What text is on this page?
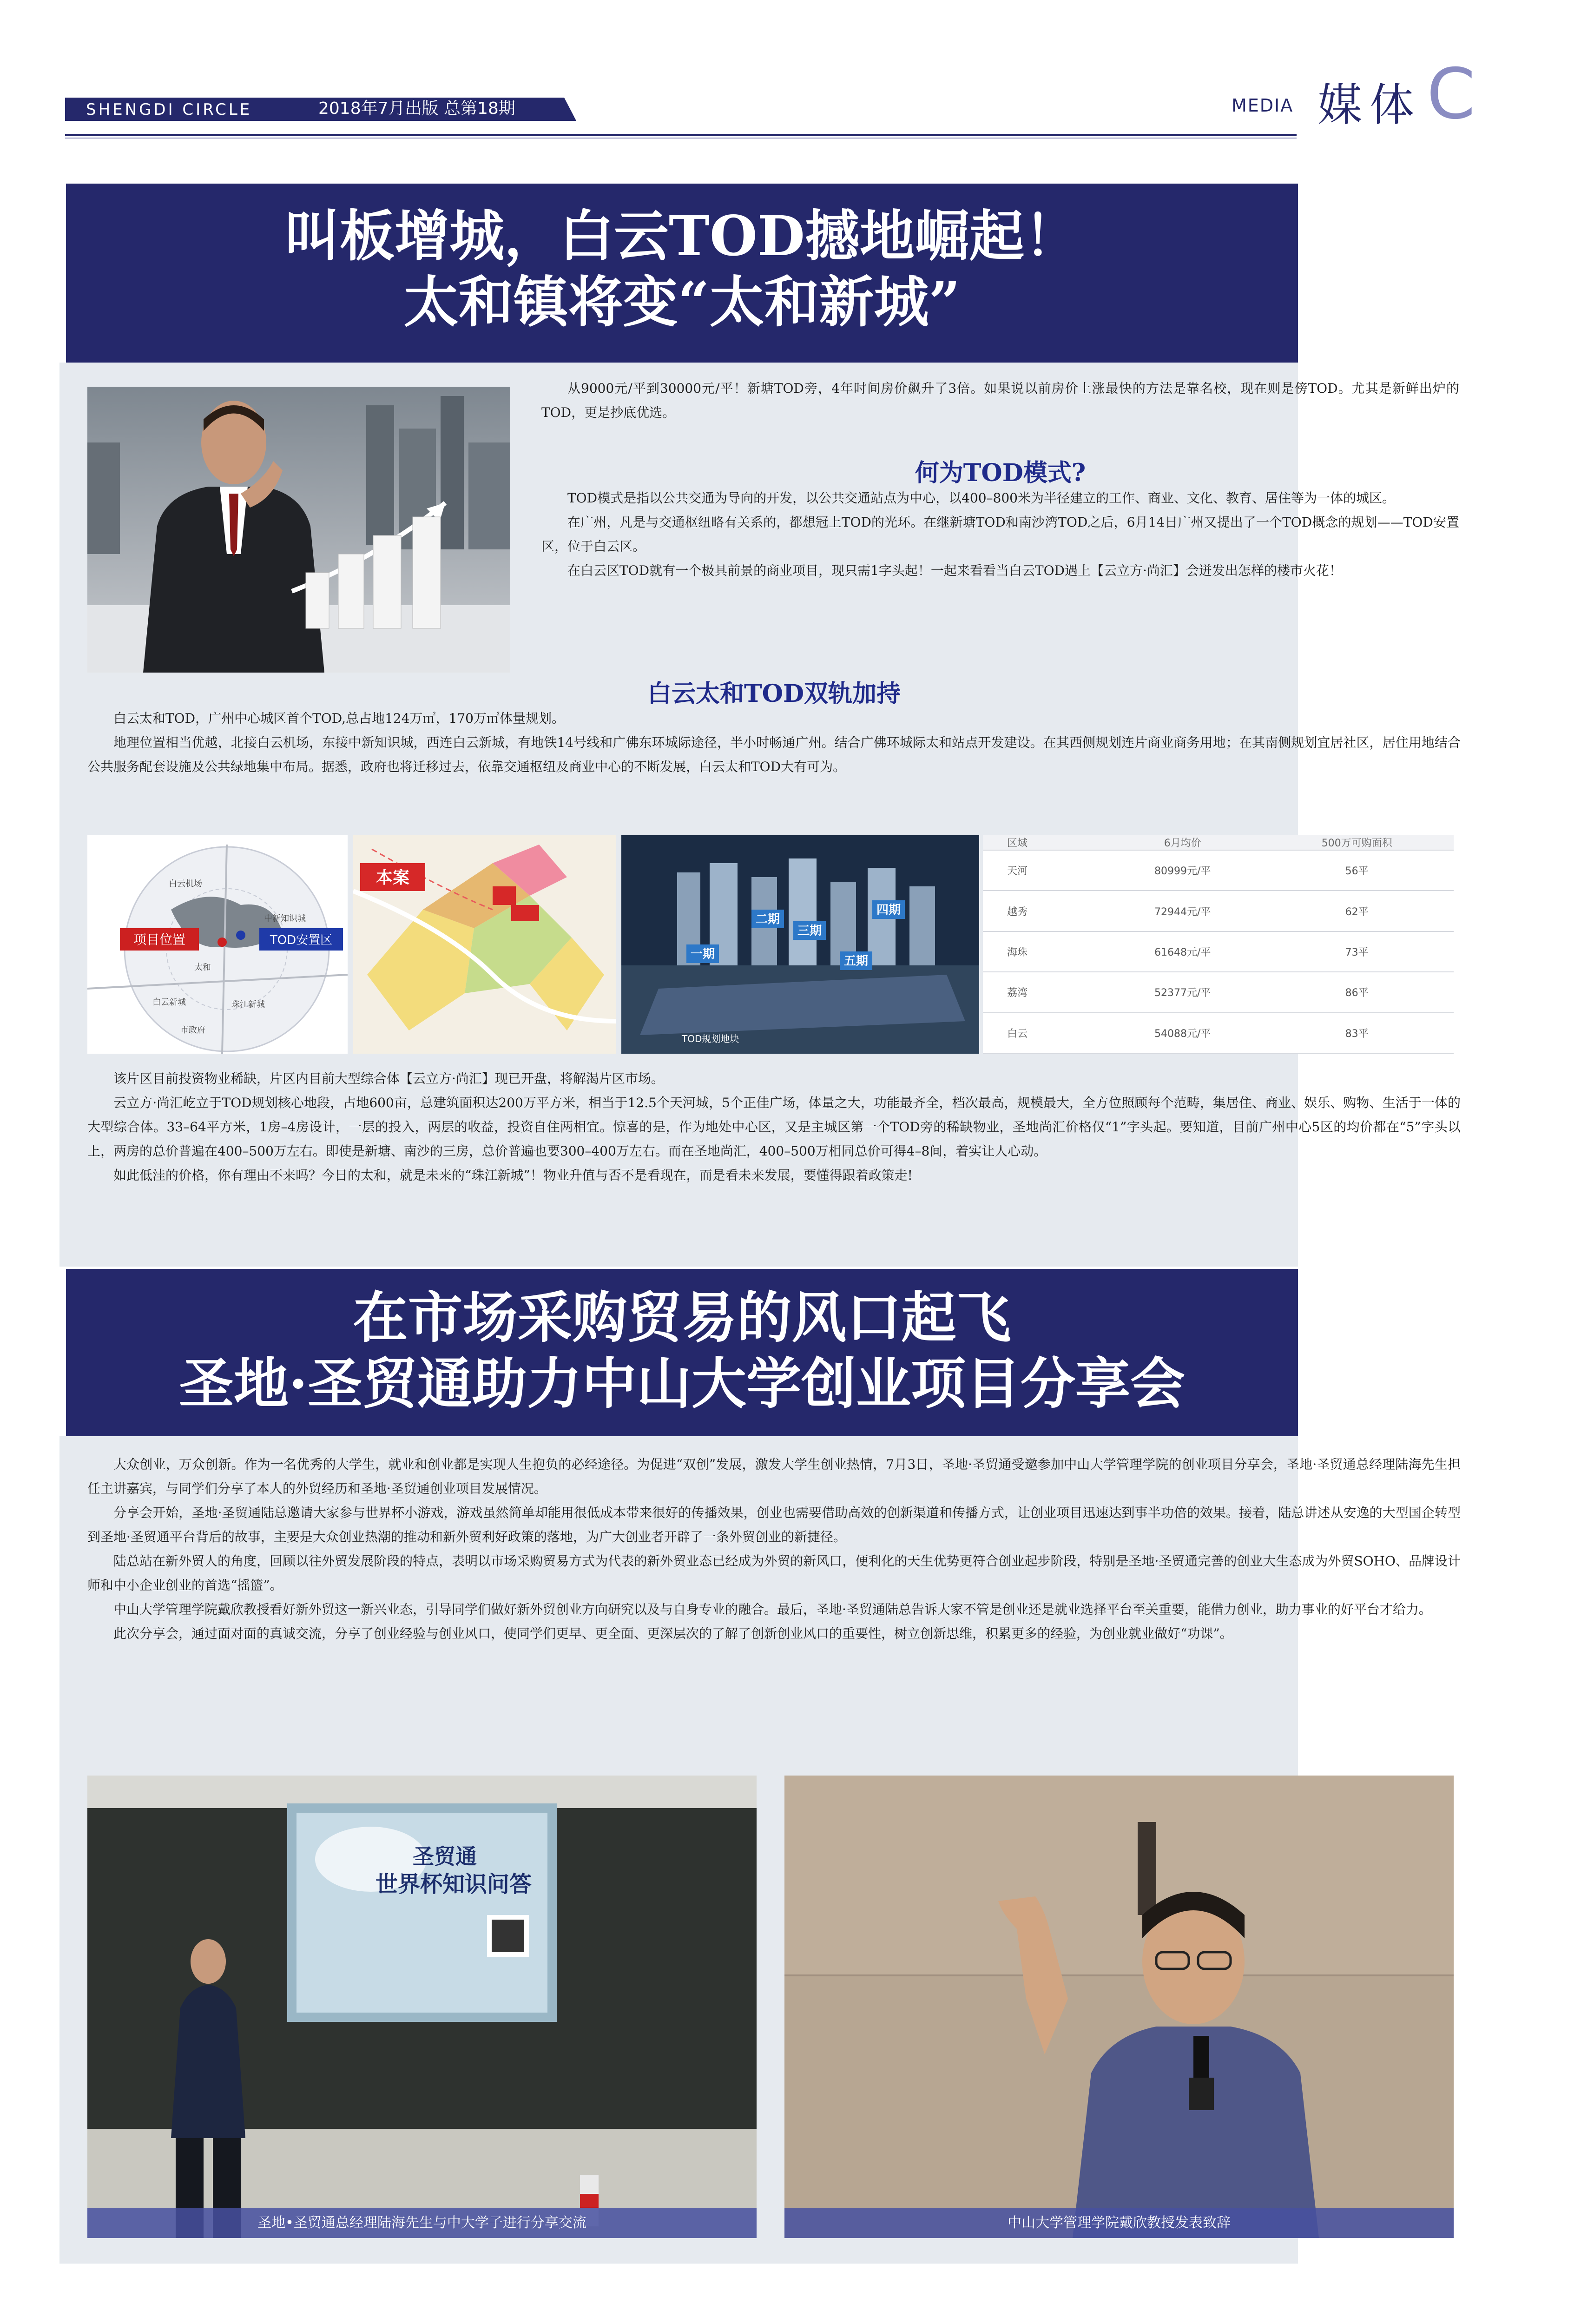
SHENGDI CIRCLE	2018年7月出版 总第18期	MEDIA 媒体 C
叫板增城，白云TOD撼地崛起！
太和镇将变“太和新城”

从9000元/平到30000元/平！新塘TOD旁，4年时间房价飙升了3倍。如果说以前房价上涨最快的方法是靠名校，现在则是傍TOD。尤其是新鲜出炉的TOD，更是抄底优选。

何为TOD模式?

TOD模式是指以公共交通为导向的开发，以公共交通站点为中心，以400–800米为半径建立的工作、商业、文化、教育、居住等为一体的城区。

在广州，凡是与交通枢纽略有关系的，都想冠上TOD的光环。在继新塘TOD和南沙湾TOD之后，6月14日广州又提出了一个TOD概念的规划——TOD安置区，位于白云区。

在白云区TOD就有一个极具前景的商业项目，现只需1字头起！一起来看看当白云TOD遇上【云立方·尚汇】会迸发出怎样的楼市火花！

白云太和TOD双轨加持

白云太和TOD，广州中心城区首个TOD,总占地124万㎡，170万㎡体量规划。

地理位置相当优越，北接白云机场，东接中新知识城，西连白云新城，有地铁14号线和广佛东环城际途径，半小时畅通广州。结合广佛环城际太和站点开发建设。在其西侧规划连片商业商务用地；在其南侧规划宜居社区，居住用地结合公共服务配套设施及公共绿地集中布局。据悉，政府也将迁移过去，依靠交通枢纽及商业中心的不断发展，白云太和TOD大有可为。

项目位置	TOD安置区
白云机场
中新知识城
太和
白云新城	珠江新城
市政府
本案
一期
二期
三期
四期
五期
TOD规划地块
区域	6月均价	500万可购面积
天河	80999元/平	56平
越秀	72944元/平	62平
海珠	61648元/平	73平
荔湾	52377元/平	86平
白云	54088元/平	83平

该片区目前投资物业稀缺，片区内目前大型综合体【云立方·尚汇】现已开盘，将解渴片区市场。

云立方·尚汇屹立于TOD规划核心地段，占地600亩，总建筑面积达200万平方米，相当于12.5个天河城，5个正佳广场，体量之大，功能最齐全，档次最高，规模最大，全方位照顾每个范畴，集居住、商业、娱乐、购物、生活于一体的大型综合体。33–64平方米，1房–4房设计，一层的投入，两层的收益，投资自住两相宜。惊喜的是，作为地处中心区，又是主城区第一个TOD旁的稀缺物业，圣地尚汇价格仅“1”字头起。要知道，目前广州中心5区的均价都在“5”字头以上，两房的总价普遍在400–500万左右。即使是新塘、南沙的三房，总价普遍也要300–400万左右。而在圣地尚汇，400–500万相同总价可得4–8间，着实让人心动。

如此低洼的价格，你有理由不来吗？今日的太和，就是未来的“珠江新城”！物业升值与否不是看现在，而是看未来发展，要懂得跟着政策走!

在市场采购贸易的风口起飞
圣地·圣贸通助力中山大学创业项目分享会

大众创业，万众创新。作为一名优秀的大学生，就业和创业都是实现人生抱负的必经途径。为促进“双创”发展，激发大学生创业热情，7月3日，圣地·圣贸通受邀参加中山大学管理学院的创业项目分享会，圣地·圣贸通总经理陆海先生担任主讲嘉宾，与同学们分享了本人的外贸经历和圣地·圣贸通创业项目发展情况。

分享会开始，圣地·圣贸通陆总邀请大家参与世界杯小游戏，游戏虽然简单却能用很低成本带来很好的传播效果，创业也需要借助高效的创新渠道和传播方式，让创业项目迅速达到事半功倍的效果。接着，陆总讲述从安逸的大型国企转型到圣地·圣贸通平台背后的故事，主要是大众创业热潮的推动和新外贸利好政策的落地，为广大创业者开辟了一条外贸创业的新捷径。

陆总站在新外贸人的角度，回顾以往外贸发展阶段的特点，表明以市场采购贸易方式为代表的新外贸业态已经成为外贸的新风口，便利化的天生优势更符合创业起步阶段，特别是圣地·圣贸通完善的创业大生态成为外贸SOHO、品牌设计师和中小企业创业的首选“摇篮”。

中山大学管理学院戴欣教授看好新外贸这一新兴业态，引导同学们做好新外贸创业方向研究以及与自身专业的融合。最后，圣地·圣贸通陆总告诉大家不管是创业还是就业选择平台至关重要，能借力创业，助力事业的好平台才给力。

此次分享会，通过面对面的真诚交流，分享了创业经验与创业风口，使同学们更早、更全面、更深层次的了解了创新创业风口的重要性，树立创新思维，积累更多的经验，为创业就业做好“功课”。

圣贸通
世界杯知识问答
圣地•圣贸通总经理陆海先生与中大学子进行分享交流	中山大学管理学院戴欣教授发表致辞
